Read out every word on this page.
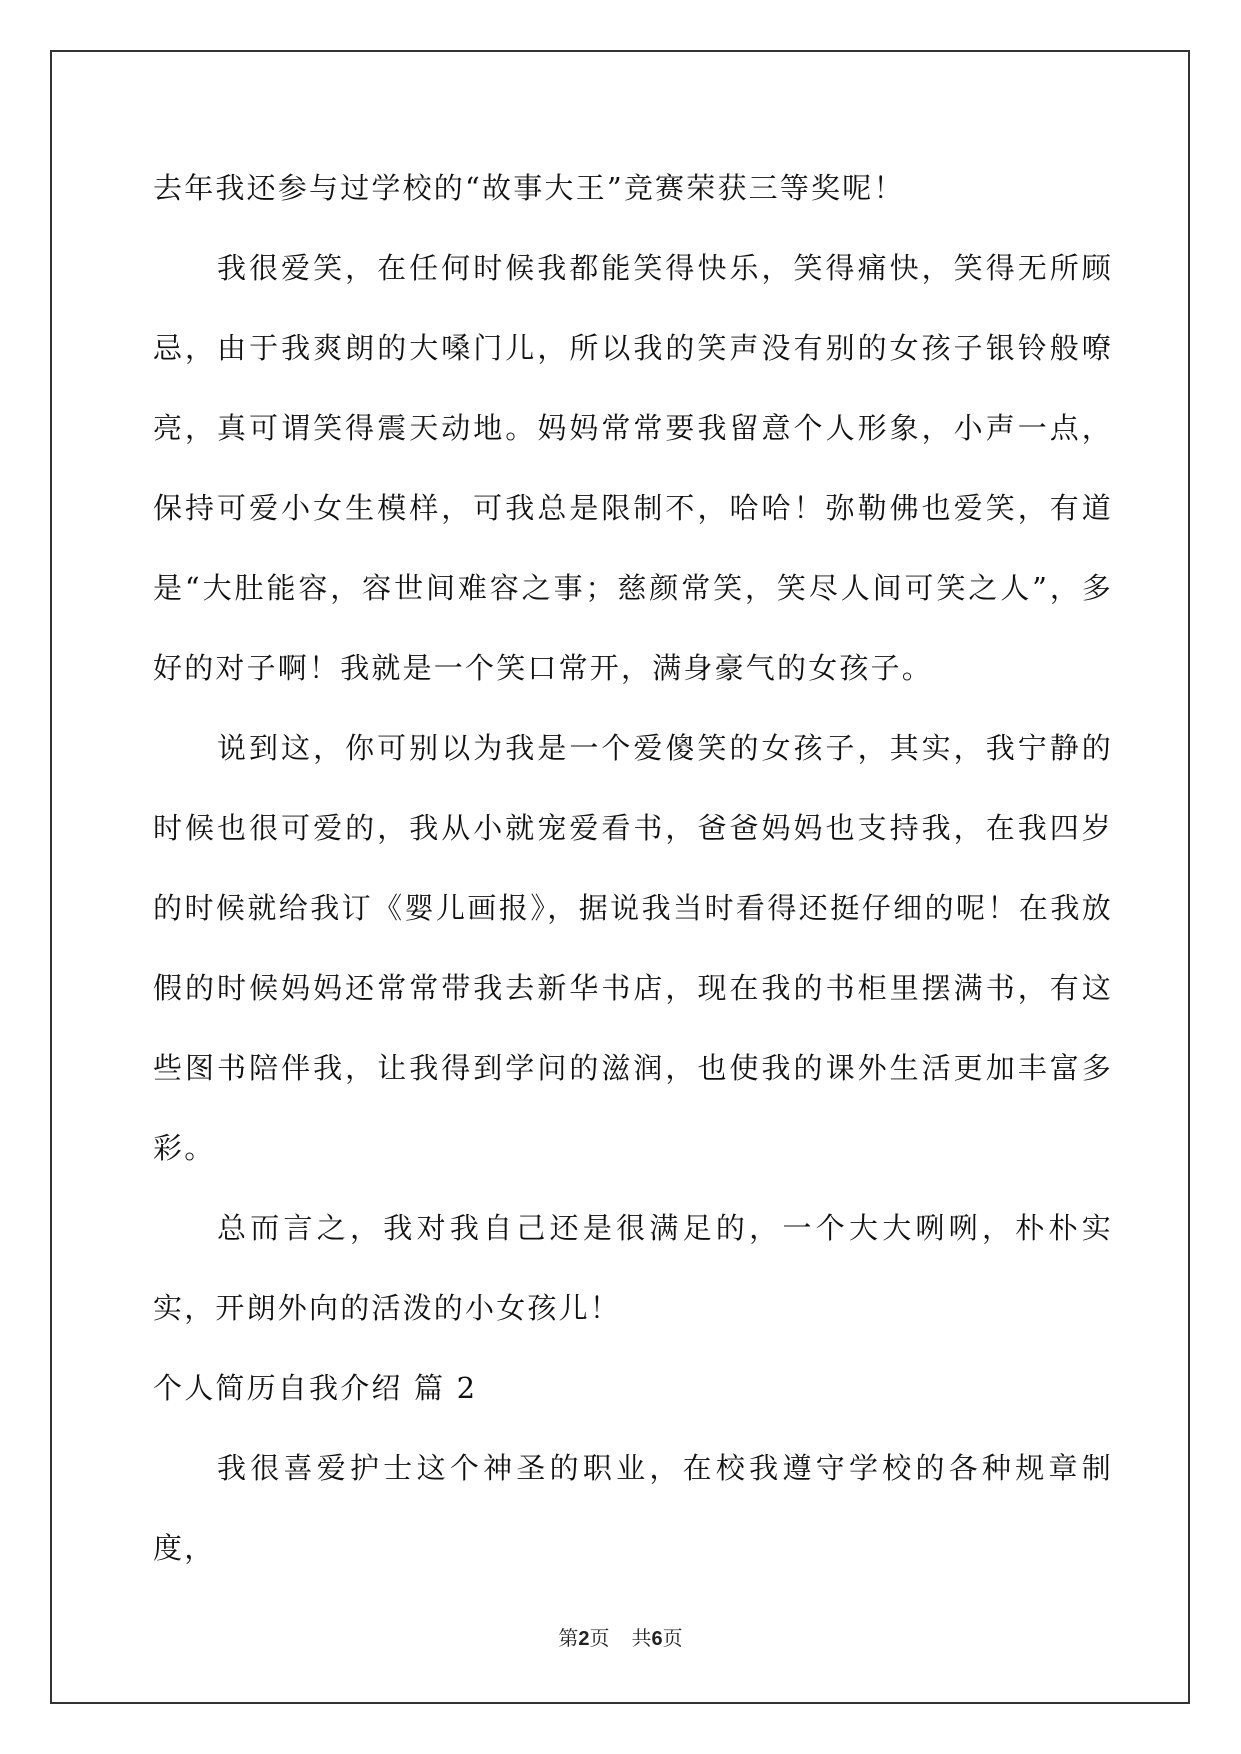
去年我还参与过学校的“故事大王”竞赛荣获三等奖呢！

我很爱笑，在任何时候我都能笑得快乐，笑得痛快，笑得无所顾忌，由于我爽朗的大嗓门儿，所以我的笑声没有别的女孩子银铃般嘹亮，真可谓笑得震天动地。妈妈常常要我留意个人形象，小声一点，保持可爱小女生模样，可我总是限制不，哈哈！弥勒佛也爱笑，有道是“大肚能容，容世间难容之事；慈颜常笑，笑尽人间可笑之人”，多好的对子啊！我就是一个笑口常开，满身豪气的女孩子。

说到这，你可别以为我是一个爱傻笑的女孩子，其实，我宁静的时候也很可爱的，我从小就宠爱看书，爸爸妈妈也支持我，在我四岁的时候就给我订《婴儿画报》，据说我当时看得还挺仔细的呢！在我放假的时候妈妈还常常带我去新华书店，现在我的书柜里摆满书，有这些图书陪伴我，让我得到学问的滋润，也使我的课外生活更加丰富多彩。

总而言之，我对我自己还是很满足的，一个大大咧咧，朴朴实实，开朗外向的活泼的小女孩儿！

个人简历自我介绍 篇 2

我很喜爱护士这个神圣的职业，在校我遵守学校的各种规章制度，

第2页 共6页
